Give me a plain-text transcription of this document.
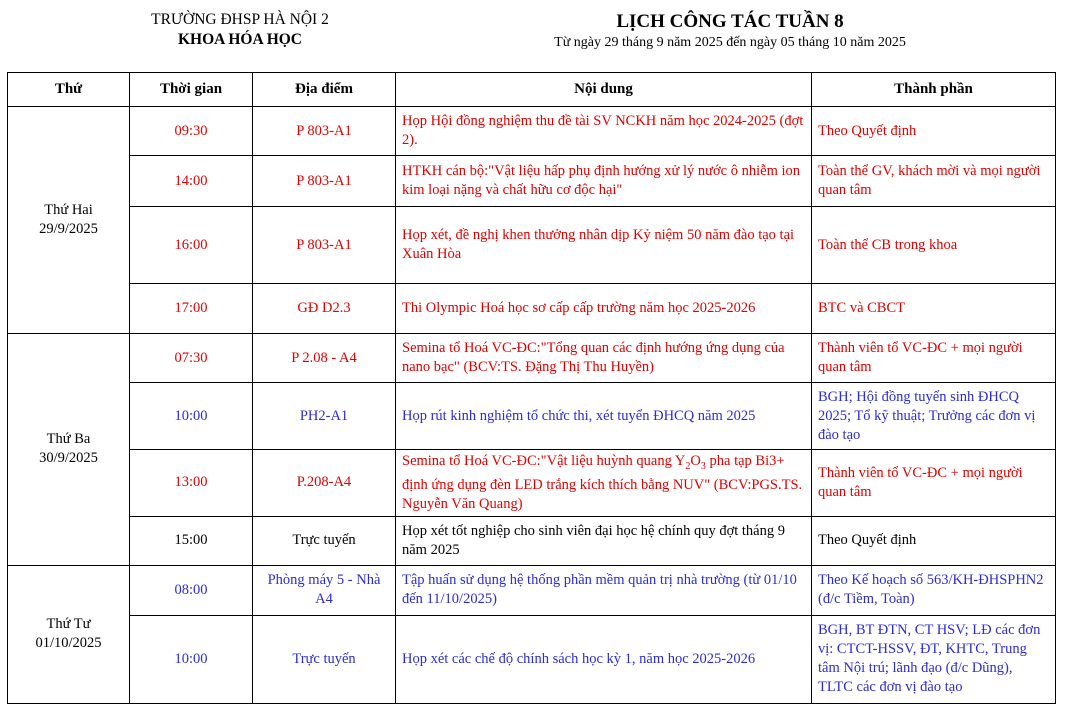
TRƯỜNG ĐHSP HÀ NỘI 2
KHOA HÓA HỌC
LỊCH CÔNG TÁC TUẦN 8
Từ ngày 29 tháng 9 năm 2025 đến ngày 05 tháng 10 năm 2025
Thứ	Thời gian	Địa điểm	Nội dung	Thành phần

Thứ Hai
29/9/2025	09:30	P 803-A1	Họp Hội đồng nghiệm thu đề tài SV NCKH năm học 2024-2025 (đợt 2).	Theo Quyết định
	14:00	P 803-A1	HTKH cán bộ:"Vật liệu hấp phụ định hướng xử lý nước ô nhiễm ion kim loại nặng và chất hữu cơ độc hại"	Toàn thể GV, khách mời và mọi người quan tâm
	16:00	P 803-A1	Họp xét, đề nghị khen thưởng nhân dịp Kỷ niệm 50 năm đào tạo tại Xuân Hòa	Toàn thể CB trong khoa
	17:00	GĐ D2.3	Thi Olympic Hoá học sơ cấp cấp trường năm học 2025-2026	BTC và CBCT

Thứ Ba
30/9/2025	07:30	P 2.08 - A4	Semina tổ Hoá VC-ĐC:"Tổng quan các định hướng ứng dụng của nano bạc" (BCV:TS. Đặng Thị Thu Huyền)	Thành viên tổ VC-ĐC + mọi người quan tâm
	10:00	PH2-A1	Họp rút kinh nghiệm tổ chức thi, xét tuyển ĐHCQ năm 2025	BGH; Hội đồng tuyển sinh ĐHCQ 2025; Tổ kỹ thuật; Trưởng các đơn vị đào tạo
	13:00	P.208-A4	Semina tổ Hoá VC-ĐC:"Vật liệu huỳnh quang $Y_2O_3$ pha tạp Bi3+ định ứng dụng đèn LED trắng kích thích bằng NUV" (BCV:PGS.TS. Nguyễn Văn Quang)	Thành viên tổ VC-ĐC + mọi người quan tâm
	15:00	Trực tuyến	Họp xét tốt nghiệp cho sinh viên đại học hệ chính quy đợt tháng 9 năm 2025	Theo Quyết định

Thứ Tư
01/10/2025	08:00	Phòng máy 5 - Nhà A4	Tập huấn sử dụng hệ thống phần mềm quản trị nhà trường (từ 01/10 đến 11/10/2025)	Theo Kế hoạch số 563/KH-ĐHSPHN2 (đ/c Tiềm, Toàn)
	10:00	Trực tuyến	Họp xét các chế độ chính sách học kỳ 1, năm học 2025-2026	BGH, BT ĐTN, CT HSV; LĐ các đơn vị: CTCT-HSSV, ĐT, KHTC, Trung tâm Nội trú; lãnh đạo (đ/c Dũng), TLTC các đơn vị đào tạo
